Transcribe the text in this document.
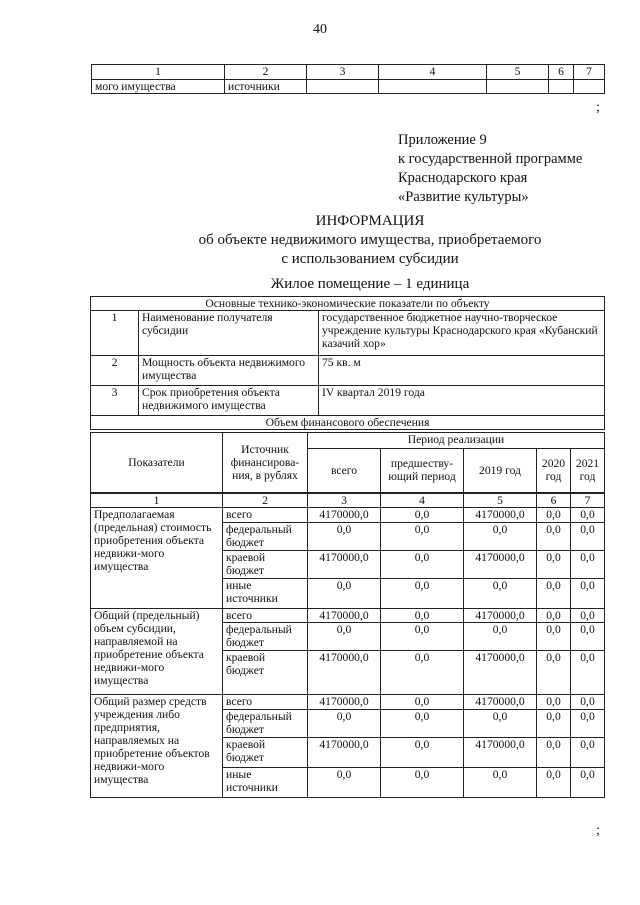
40
1	2	3	4	5	6	7
мого имущества	источники					
;
Приложение 9
к государственной программе
Краснодарского края
«Развитие культуры»
ИНФОРМАЦИЯ
об объекте недвижимого имущества, приобретаемого
с использованием субсидии
Жилое помещение – 1 единица
Основные технико-экономические показатели по объекту		
1	Наименование получателя субсидии	государственное бюджетное научно-творческое учреждение культуры Краснодарского края «Кубанский казачий хор»
2	Мощность объекта недвижимого имущества	75 кв. м
3	Срок приобретения объекта недвижимого имущества	IV квартал 2019 года
Объем финансового обеспечения		
Показатели	Источник финансирова-ния, в рублях	Период реализации				
		всего	предшеству-ющий период	2019 год	2020 год	2021 год
1	2	3	4	5	6	7
Предполагаемая (предельная) стоимость приобретения объекта недвижи-мого имущества	всего	4170000,0	0,0	4170000,0	0,0	0,0
	федеральный бюджет	0,0	0,0	0,0	0,0	0,0
	краевой бюджет	4170000,0	0,0	4170000,0	0,0	0,0
	иные источники	0,0	0,0	0,0	0,0	0,0
Общий (предельный) объем субсидии, направляемой на приобретение объекта недвижи-мого имущества	всего	4170000,0	0,0	4170000,0	0,0	0,0
	федеральный бюджет	0,0	0,0	0,0	0,0	0,0
	краевой бюджет	4170000,0	0,0	4170000,0	0,0	0,0
Общий размер средств учреждения либо предприятия, направляемых на приобретение объектов недвижи-мого имущества	всего	4170000,0	0,0	4170000,0	0,0	0,0
	федеральный бюджет	0,0	0,0	0,0	0,0	0,0
	краевой бюджет	4170000,0	0,0	4170000,0	0,0	0,0
	иные источники	0,0	0,0	0,0	0,0	0,0
;
